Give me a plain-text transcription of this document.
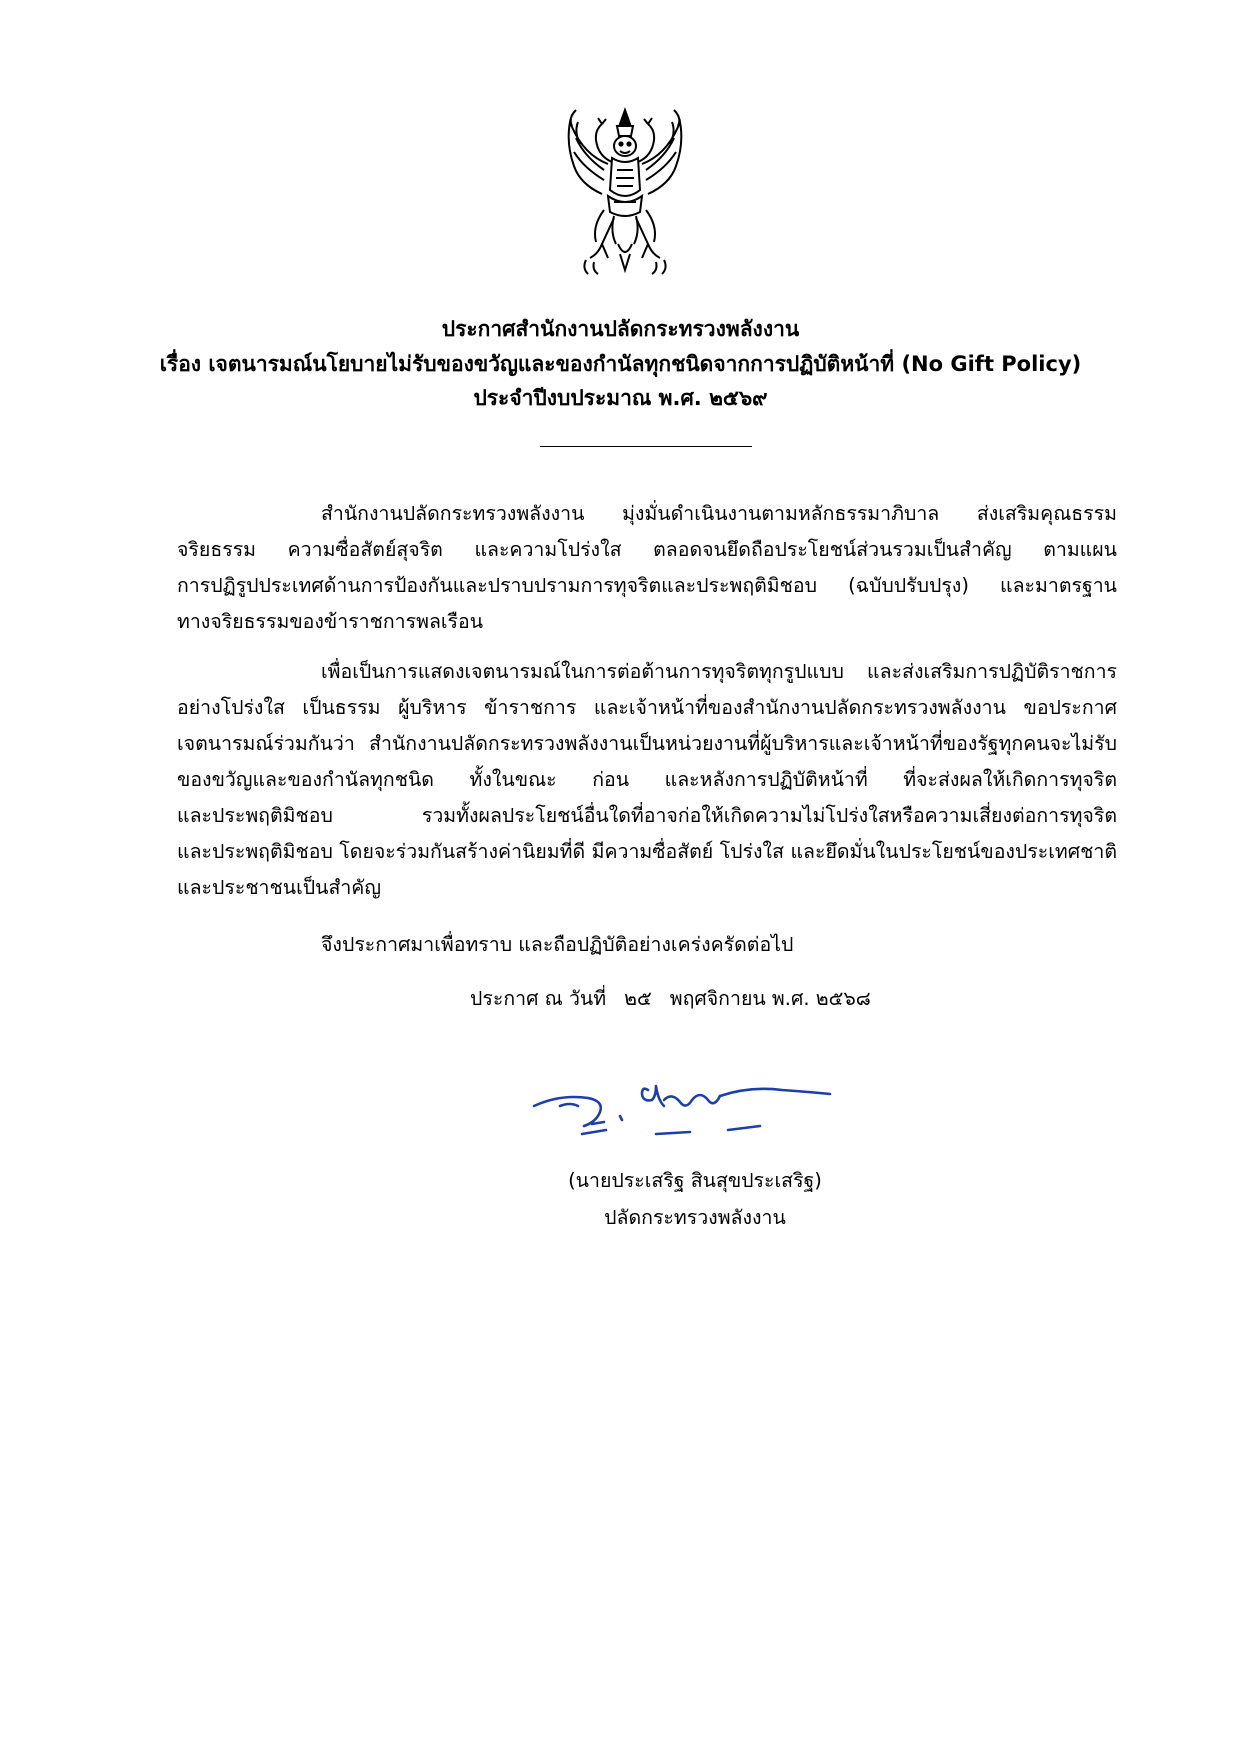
ประกาศสำนักงานปลัดกระทรวงพลังงาน
เรื่อง เจตนารมณ์นโยบายไม่รับของขวัญและของกำนัลทุกชนิดจากการปฏิบัติหน้าที่ (No Gift Policy)
ประจำปีงบประมาณ พ.ศ. ๒๕๖๙
สำนักงานปลัดกระทรวงพลังงาน มุ่งมั่นดำเนินงานตามหลักธรรมาภิบาล ส่งเสริมคุณธรรม
จริยธรรม ความซื่อสัตย์สุจริต และความโปร่งใส ตลอดจนยึดถือประโยชน์ส่วนรวมเป็นสำคัญ ตามแผน
การปฏิรูปประเทศด้านการป้องกันและปราบปรามการทุจริตและประพฤติมิชอบ (ฉบับปรับปรุง) และมาตรฐาน
ทางจริยธรรมของข้าราชการพลเรือน
เพื่อเป็นการแสดงเจตนารมณ์ในการต่อต้านการทุจริตทุกรูปแบบ และส่งเสริมการปฏิบัติราชการ
อย่างโปร่งใส เป็นธรรม ผู้บริหาร ข้าราชการ และเจ้าหน้าที่ของสำนักงานปลัดกระทรวงพลังงาน ขอประกาศ
เจตนารมณ์ร่วมกันว่า สำนักงานปลัดกระทรวงพลังงานเป็นหน่วยงานที่ผู้บริหารและเจ้าหน้าที่ของรัฐทุกคนจะไม่รับ
ของขวัญและของกำนัลทุกชนิด ทั้งในขณะ ก่อน และหลังการปฏิบัติหน้าที่ ที่จะส่งผลให้เกิดการทุจริต
และประพฤติมิชอบ รวมทั้งผลประโยชน์อื่นใดที่อาจก่อให้เกิดความไม่โปร่งใสหรือความเสี่ยงต่อการทุจริต
และประพฤติมิชอบ โดยจะร่วมกันสร้างค่านิยมที่ดี มีความซื่อสัตย์ โปร่งใส และยึดมั่นในประโยชน์ของประเทศชาติ
และประชาชนเป็นสำคัญ
จึงประกาศมาเพื่อทราบ และถือปฏิบัติอย่างเคร่งครัดต่อไป
ประกาศ ณ วันที่ ๒๕ พฤศจิกายน พ.ศ. ๒๕๖๘
(นายประเสริฐ สินสุขประเสริฐ)
ปลัดกระทรวงพลังงาน
